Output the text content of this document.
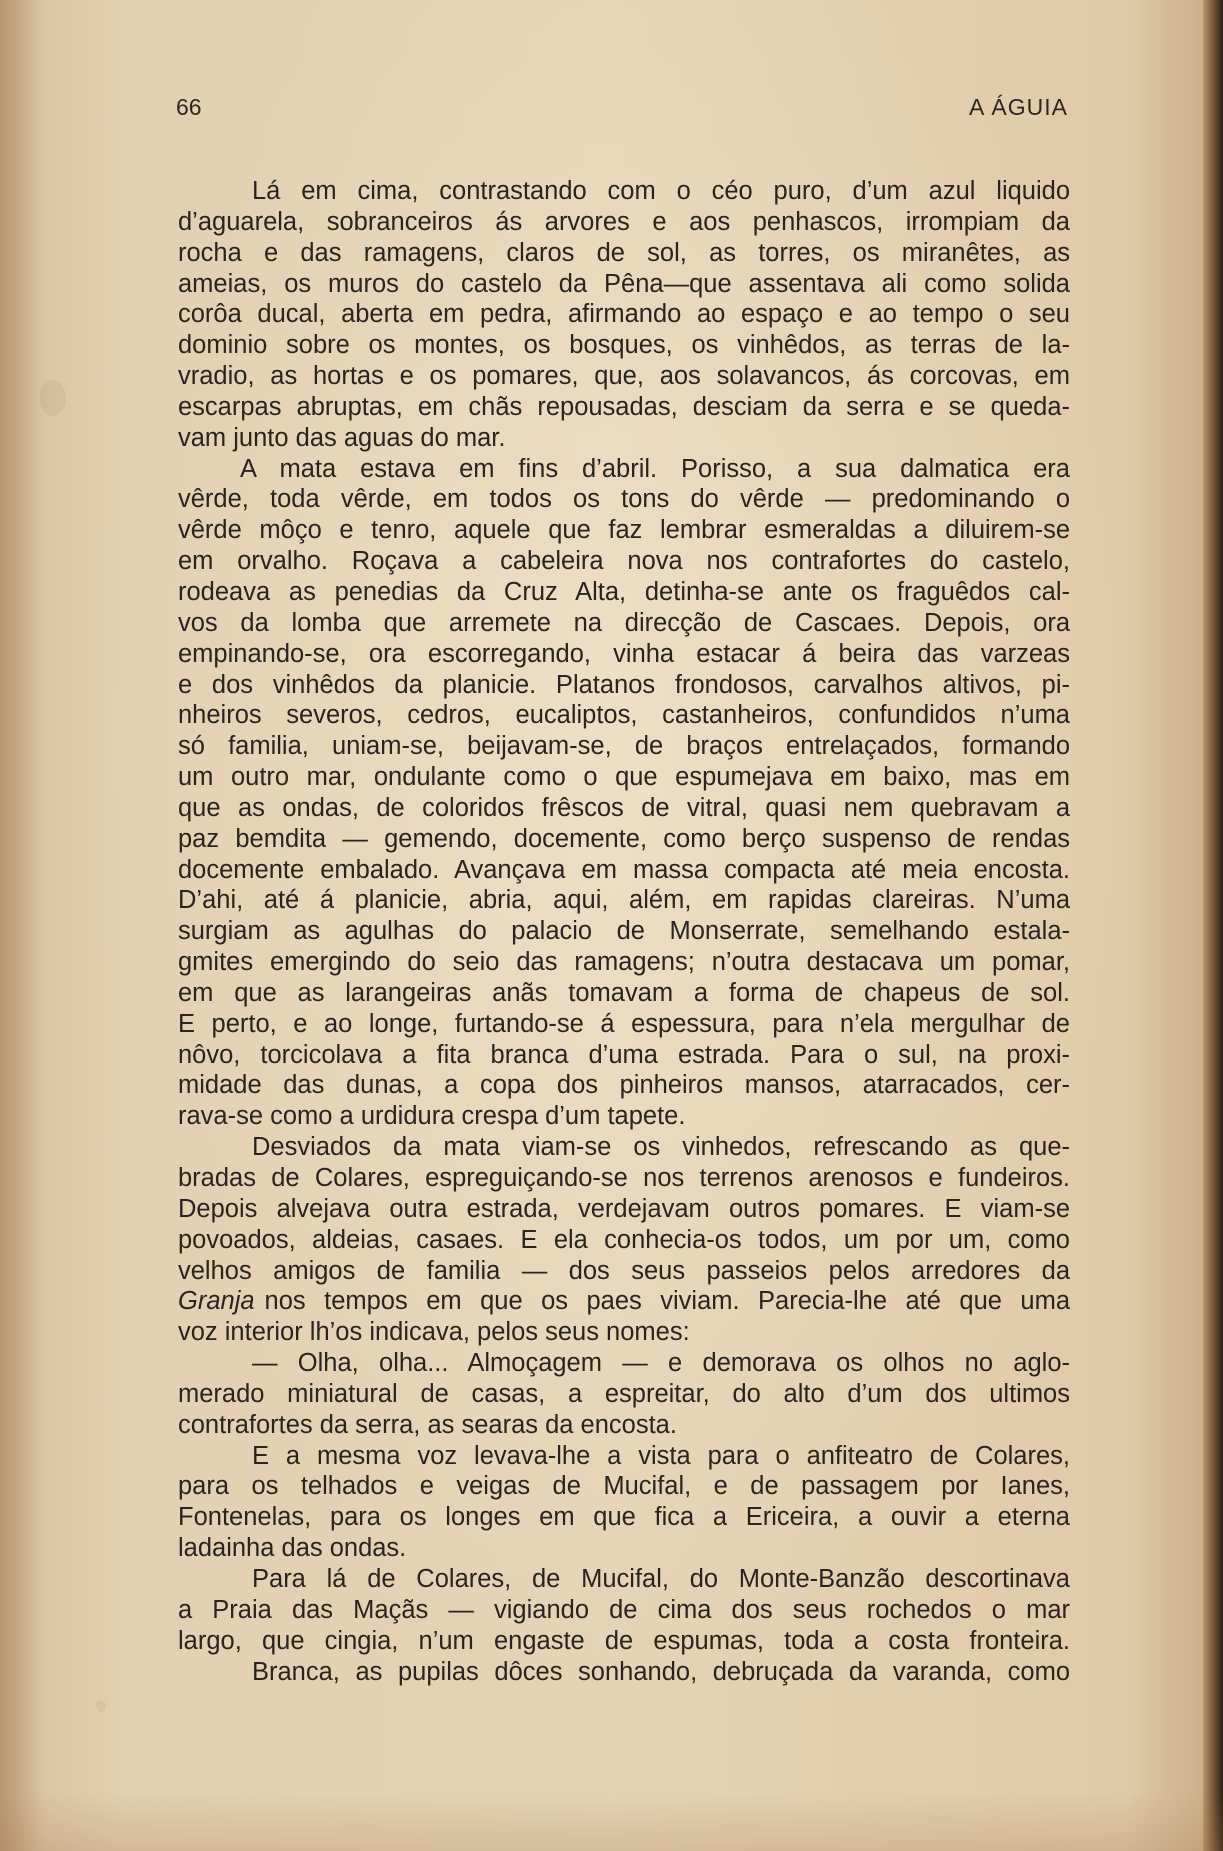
66	A ÁGUIA
Lá em cima, contrastando com o céo puro, d’um azul liquido
d’aguarela, sobranceiros ás arvores e aos penhascos, irrompiam da
rocha e das ramagens, claros de sol, as torres, os miranêtes, as
ameias, os muros do castelo da Pêna—que assentava ali como solida
corôa ducal, aberta em pedra, afirmando ao espaço e ao tempo o seu
dominio sobre os montes, os bosques, os vinhêdos, as terras de la-
vradio, as hortas e os pomares, que, aos solavancos, ás corcovas, em
escarpas abruptas, em chãs repousadas, desciam da serra e se queda-
vam junto das aguas do mar.
A mata estava em fins d’abril. Porisso, a sua dalmatica era
vêrde, toda vêrde, em todos os tons do vêrde — predominando o
vêrde môço e tenro, aquele que faz lembrar esmeraldas a diluirem-se
em orvalho. Roçava a cabeleira nova nos contrafortes do castelo,
rodeava as penedias da Cruz Alta, detinha-se ante os fraguêdos cal-
vos da lomba que arremete na direcção de Cascaes. Depois, ora
empinando-se, ora escorregando, vinha estacar á beira das varzeas
e dos vinhêdos da planicie. Platanos frondosos, carvalhos altivos, pi-
nheiros severos, cedros, eucaliptos, castanheiros, confundidos n’uma
só familia, uniam-se, beijavam-se, de braços entrelaçados, formando
um outro mar, ondulante como o que espumejava em baixo, mas em
que as ondas, de coloridos frêscos de vitral, quasi nem quebravam a
paz bemdita — gemendo, docemente, como berço suspenso de rendas
docemente embalado. Avançava em massa compacta até meia encosta.
D’ahi, até á planicie, abria, aqui, além, em rapidas clareiras. N’uma
surgiam as agulhas do palacio de Monserrate, semelhando estala-
gmites emergindo do seio das ramagens; n’outra destacava um pomar,
em que as larangeiras anãs tomavam a forma de chapeus de sol.
E perto, e ao longe, furtando-se á espessura, para n’ela mergulhar de
nôvo, torcicolava a fita branca d’uma estrada. Para o sul, na proxi-
midade das dunas, a copa dos pinheiros mansos, atarracados, cer-
rava-se como a urdidura crespa d’um tapete.
Desviados da mata viam-se os vinhedos, refrescando as que-
bradas de Colares, espreguiçando-se nos terrenos arenosos e fundeiros.
Depois alvejava outra estrada, verdejavam outros pomares. E viam-se
povoados, aldeias, casaes. E ela conhecia-os todos, um por um, como
velhos amigos de familia — dos seus passeios pelos arredores da
Granja nos tempos em que os paes viviam. Parecia-lhe até que uma
voz interior lh’os indicava, pelos seus nomes:
— Olha, olha... Almoçagem — e demorava os olhos no aglo-
merado miniatural de casas, a espreitar, do alto d’um dos ultimos
contrafortes da serra, as searas da encosta.
E a mesma voz levava-lhe a vista para o anfiteatro de Colares,
para os telhados e veigas de Mucifal, e de passagem por Ianes,
Fontenelas, para os longes em que fica a Ericeira, a ouvir a eterna
ladainha das ondas.
Para lá de Colares, de Mucifal, do Monte-Banzão descortinava
a Praia das Maçãs — vigiando de cima dos seus rochedos o mar
largo, que cingia, n’um engaste de espumas, toda a costa fronteira.
Branca, as pupilas dôces sonhando, debruçada da varanda, como
